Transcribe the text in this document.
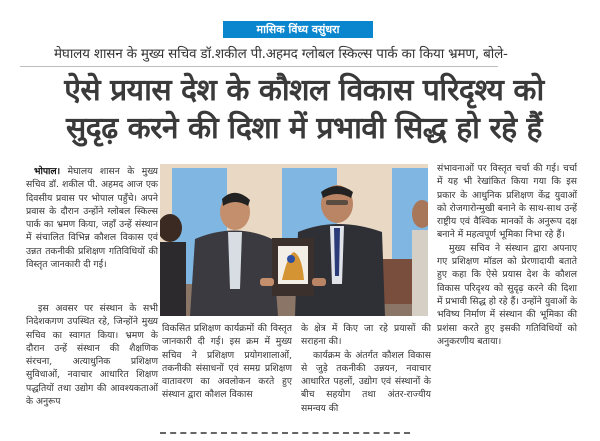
मासिक विंध्य वसुंधरा
मेघालय शासन के मुख्य सचिव डॉ.शकील पी.अहमद ग्लोबल स्किल्स पार्क का किया भ्रमण, बोले-
ऐसे प्रयास देश के कौशल विकास परिदृश्य को
सुदृढ़ करने की दिशा में प्रभावी सिद्ध हो रहे हैं

भोपाल। मेघालय शासन के मुख्य सचिव डॉ. शकील पी. अहमद आज एक दिवसीय प्रवास पर भोपाल पहुँचे। अपने प्रवास के दौरान उन्होंने ग्लोबल स्किल्स पार्क का भ्रमण किया, जहाँ उन्हें संस्थान में संचालित विभिन्न कौशल विकास एवं उन्नत तकनीकी प्रशिक्षण गतिविधियों की विस्तृत जानकारी दी गई।

इस अवसर पर संस्थान के सभी निदेशकगण उपस्थित रहे, जिन्होंने मुख्य सचिव का स्वागत किया। भ्रमण के दौरान उन्हें संस्थान की शैक्षणिक संरचना, अत्याधुनिक प्रशिक्षण सुविधाओं, नवाचार आधारित शिक्षण पद्धतियों तथा उद्योग की आवश्यकताओं के अनुरूप

विकसित प्रशिक्षण कार्यक्रमों की विस्तृत जानकारी दी गई। इस क्रम में मुख्य सचिव ने प्रशिक्षण प्रयोगशालाओं, तकनीकी संसाधनों एवं समग्र प्रशिक्षण वातावरण का अवलोकन करते हुए संस्थान द्वारा कौशल विकास

के क्षेत्र में किए जा रहे प्रयासों की सराहना की।

कार्यक्रम के अंतर्गत कौशल विकास से जुड़े तकनीकी उन्नयन, नवाचार आधारित पहलों, उद्योग एवं संस्थानों के बीच सहयोग तथा अंतर-राज्यीय समन्वय की

संभावनाओं पर विस्तृत चर्चा की गई। चर्चा में यह भी रेखांकित किया गया कि इस प्रकार के आधुनिक प्रशिक्षण केंद्र युवाओं को रोजगारोन्मुखी बनाने के साथ-साथ उन्हें राष्ट्रीय एवं वैश्विक मानकों के अनुरूप दक्ष बनाने में महत्वपूर्ण भूमिका निभा रहे हैं।

मुख्य सचिव ने संस्थान द्वारा अपनाए गए प्रशिक्षण मॉडल को प्रेरणादायी बताते हुए कहा कि ऐसे प्रयास देश के कौशल विकास परिदृश्य को सुदृढ़ करने की दिशा में प्रभावी सिद्ध हो रहे हैं। उन्होंने युवाओं के भविष्य निर्माण में संस्थान की भूमिका की प्रशंसा करते हुए इसकी गतिविधियों को अनुकरणीय बताया।
